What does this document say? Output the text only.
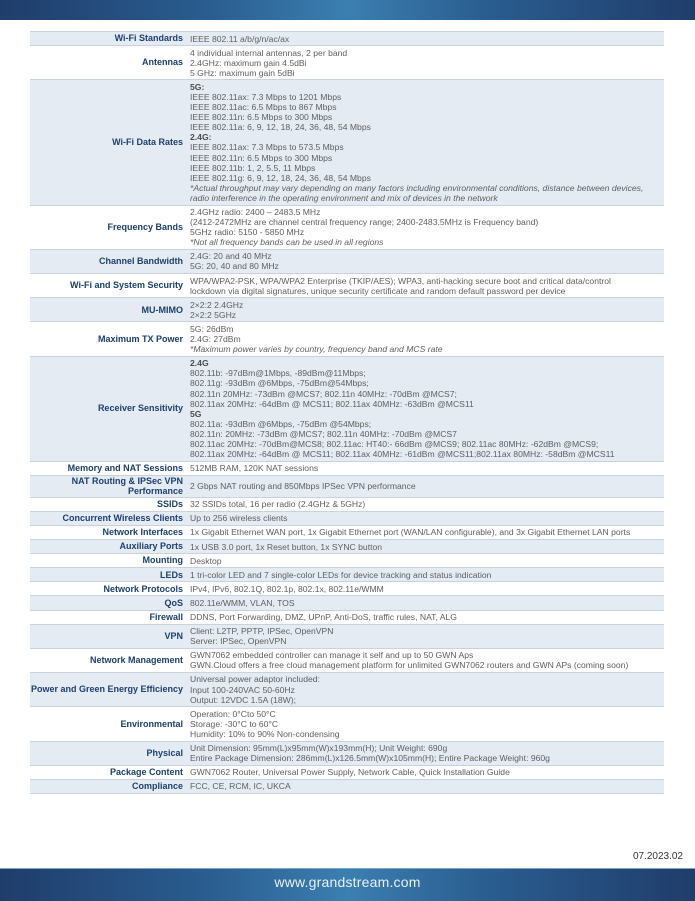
Wi-Fi Standards IEEE 802.11 a/b/g/n/ac/ax
Antennas
4 individual internal antennas, 2 per band
2.4GHz: maximum gain 4.5dBi
5 GHz: maximum gain 5dBi
Wi-Fi Data Rates
5G:
IEEE 802.11ax: 7.3 Mbps to 1201 Mbps
IEEE 802.11ac: 6.5 Mbps to 867 Mbps
IEEE 802.11n: 6.5 Mbps to 300 Mbps
IEEE 802.11a: 6, 9, 12, 18, 24, 36, 48, 54 Mbps
2.4G:
IEEE 802.11ax: 7.3 Mbps to 573.5 Mbps
IEEE 802.11n: 6.5 Mbps to 300 Mbps
IEEE 802.11b: 1, 2, 5.5, 11 Mbps
IEEE 802.11g: 6, 9, 12, 18, 24, 36, 48, 54 Mbps
*Actual throughput may vary depending on many factors including environmental conditions, distance between devices, radio interference in the operating environment and mix of devices in the network
Frequency Bands
2.4GHz radio: 2400 – 2483.5 MHz
(2412-2472MHz are channel central frequency range; 2400-2483.5MHz is Frequency band)
5GHz radio: 5150 - 5850 MHz
*Not all frequency bands can be used in all regions
Channel Bandwidth 2.4G: 20 and 40 MHz
5G: 20, 40 and 80 MHz
Wi-Fi and System Security WPA/WPA2-PSK, WPA/WPA2 Enterprise (TKIP/AES); WPA3, anti-hacking secure boot and critical data/control
lockdown via digital signatures, unique security certificate and random default password per device
MU-MIMO 2×2:2 2.4GHz
2×2:2 5GHz
Maximum TX Power
5G: 26dBm
2.4G: 27dBm
*Maximum power varies by country, frequency band and MCS rate
Receiver Sensitivity
2.4G
802.11b: -97dBm@1Mbps, -89dBm@11Mbps;
802.11g: -93dBm @6Mbps, -75dBm@54Mbps;
802.11n 20MHz: -73dBm @MCS7; 802.11n 40MHz: -70dBm @MCS7;
802.11ax 20MHz: -64dBm @ MCS11; 802.11ax 40MHz: -63dBm @MCS11
5G
802.11a: -93dBm @6Mbps, -75dBm @54Mbps;
802.11n: 20MHz: -73dBm @MCS7; 802.11n 40MHz: -70dBm @MCS7
802.11ac 20MHz: -70dBm@MCS8; 802.11ac: HT40:- 66dBm @MCS9; 802.11ac 80MHz: -62dBm @MCS9;
802.11ax 20MHz: -64dBm @ MCS11; 802.11ax 40MHz: -61dBm @MCS11;802.11ax 80MHz: -58dBm @MCS11
Memory and NAT Sessions 512MB RAM, 120K NAT sessions
NAT Routing & IPSec VPN Performance
2 Gbps NAT routing and 850Mbps IPSec VPN performance
SSIDs 32 SSIDs total, 16 per radio (2.4GHz & 5GHz)
Concurrent Wireless Clients Up to 256 wireless clients
Network Interfaces 1x Gigabit Ethernet WAN port, 1x Gigabit Ethernet port (WAN/LAN configurable), and 3x Gigabit Ethernet LAN ports
Auxiliary Ports 1x USB 3.0 port, 1x Reset button, 1x SYNC button
Mounting Desktop
LEDs 1 tri-color LED and 7 single-color LEDs for device tracking and status indication
Network Protocols IPv4, IPv6, 802.1Q, 802.1p, 802.1x, 802.11e/WMM
QoS 802.11e/WMM, VLAN, TOS
Firewall DDNS, Port Forwarding, DMZ, UPnP, Anti-DoS, traffic rules, NAT, ALG
VPN Client: L2TP, PPTP, IPSec, OpenVPN
Server: IPSec, OpenVPN
Network Management GWN7062 embedded controller can manage it self and up to 50 GWN Aps
GWN.Cloud offers a free cloud management platform for unlimited GWN7062 routers and GWN APs (coming soon)
Power and Green Energy Efficiency
Universal power adaptor included:
Input 100-240VAC 50-60Hz
Output: 12VDC 1.5A (18W);
Environmental
Operation: 0°Cto 50°C
Storage: -30°C to 60°C
Humidity: 10% to 90% Non-condensing
Physical Unit Dimension: 95mm(L)x95mm(W)x193mm(H); Unit Weight: 690g
Entire Package Dimension: 286mm(L)x126.5mm(W)x105mm(H); Entire Package Weight: 960g
Package Content GWN7062 Router, Universal Power Supply, Network Cable, Quick Installation Guide
Compliance FCC, CE, RCM, IC, UKCA
07.2023.02
www.grandstream.com
